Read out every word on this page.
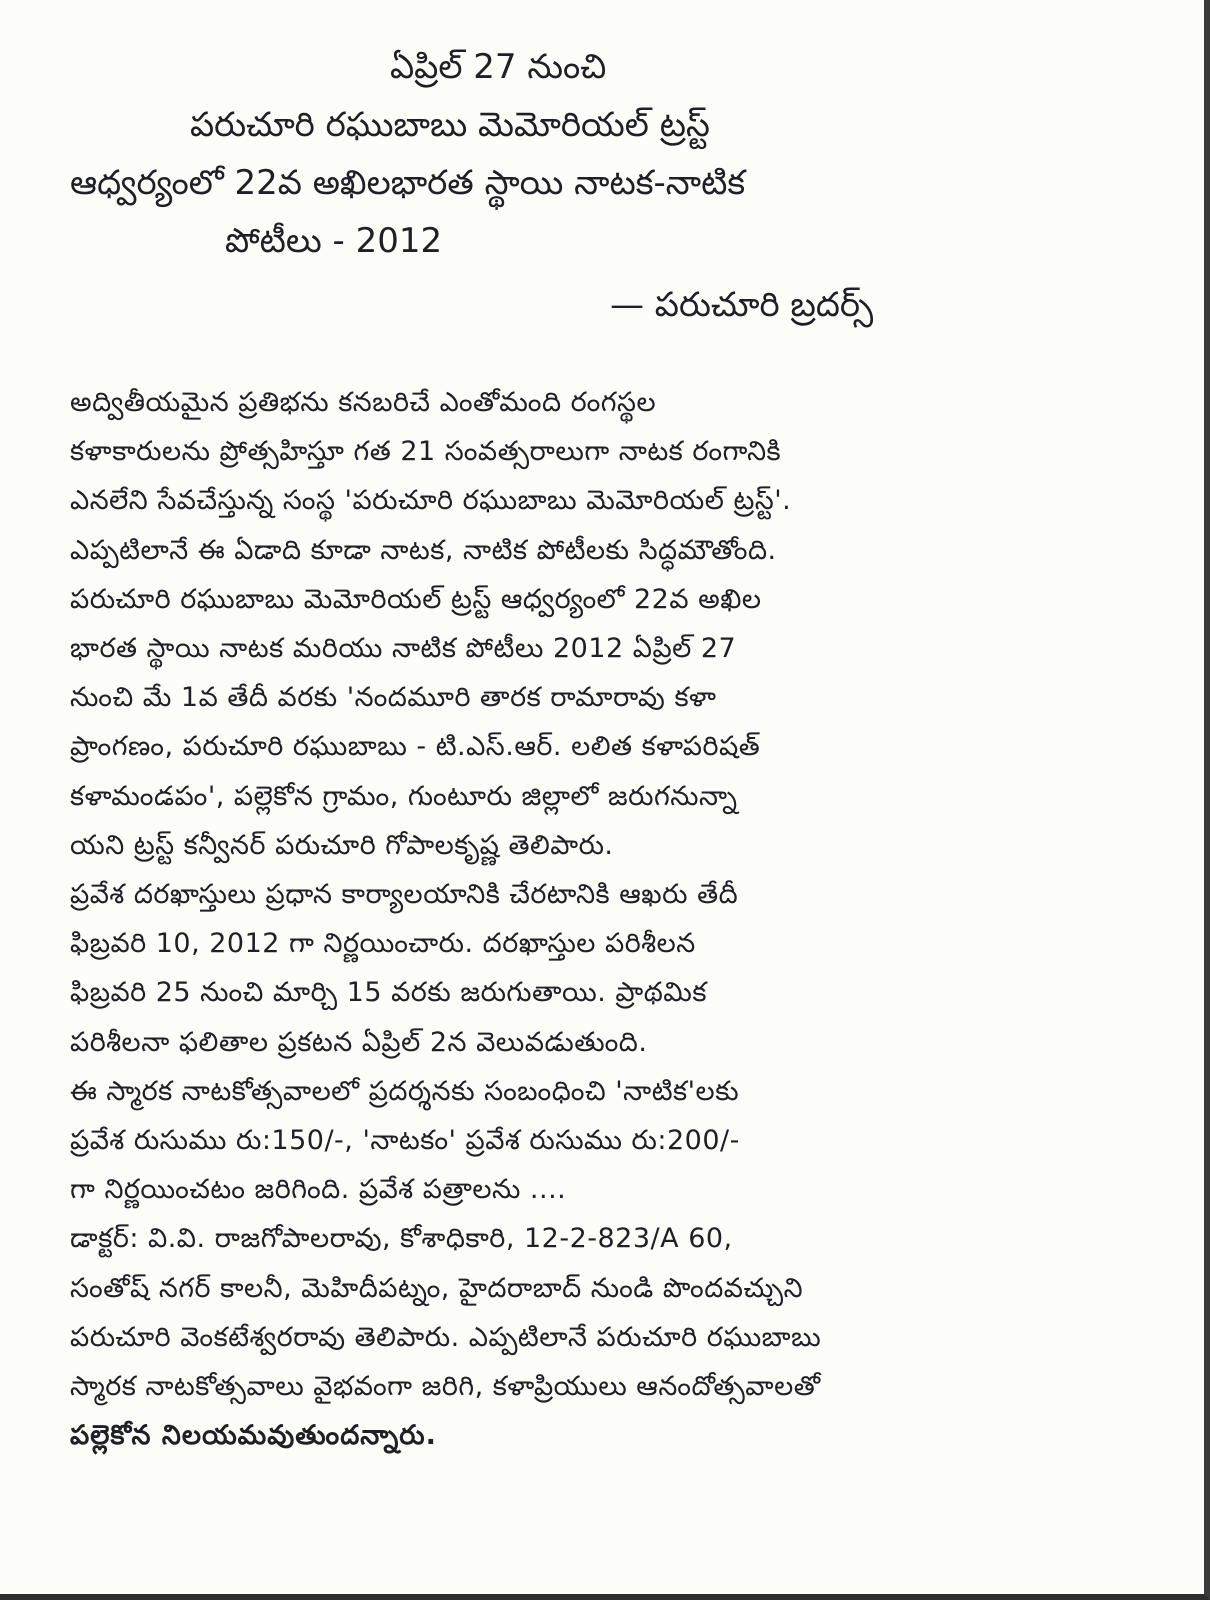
ఏప్రిల్ 27 నుంచి
పరుచూరి రఘుబాబు మెమోరియల్ ట్రస్ట్
ఆధ్వర్యంలో 22వ అఖిలభారత స్థాయి నాటక-నాటిక
పోటీలు - 2012
— పరుచూరి బ్రదర్స్
అద్వితీయమైన ప్రతిభను కనబరిచే ఎంతోమంది రంగస్థల
కళాకారులను ప్రోత్సహిస్తూ గత 21 సంవత్సరాలుగా నాటక రంగానికి
ఎనలేని సేవచేస్తున్న సంస్థ 'పరుచూరి రఘుబాబు మెమోరియల్ ట్రస్ట్'.
ఎప్పటిలానే ఈ ఏడాది కూడా నాటక, నాటిక పోటీలకు సిద్ధమౌతోంది.
పరుచూరి రఘుబాబు మెమోరియల్ ట్రస్ట్ ఆధ్వర్యంలో 22వ అఖిల
భారత స్థాయి నాటక మరియు నాటిక పోటీలు 2012 ఏప్రిల్ 27
నుంచి మే 1వ తేదీ వరకు 'నందమూరి తారక రామారావు కళా
ప్రాంగణం, పరుచూరి రఘుబాబు - టి.ఎస్.ఆర్. లలిత కళాపరిషత్
కళామండపం', పల్లెకోన గ్రామం, గుంటూరు జిల్లాలో జరుగనున్నా
యని ట్రస్ట్ కన్వీనర్ పరుచూరి గోపాలకృష్ణ తెలిపారు.
ప్రవేశ దరఖాస్తులు ప్రధాన కార్యాలయానికి చేరటానికి ఆఖరు తేదీ
ఫిబ్రవరి 10, 2012 గా నిర్ణయించారు. దరఖాస్తుల పరిశీలన
ఫిబ్రవరి 25 నుంచి మార్చి 15 వరకు జరుగుతాయి. ప్రాథమిక
పరిశీలనా ఫలితాల ప్రకటన ఏప్రిల్ 2న వెలువడుతుంది.
ఈ స్మారక నాటకోత్సవాలలో ప్రదర్శనకు సంబంధించి 'నాటిక'లకు
ప్రవేశ రుసుము రు:150/-, 'నాటకం' ప్రవేశ రుసుము రు:200/-
గా నిర్ణయించటం జరిగింది. ప్రవేశ పత్రాలను ....
డాక్టర్: వి.వి. రాజగోపాలరావు, కోశాధికారి, 12-2-823/A 60,
సంతోష్ నగర్ కాలనీ, మెహిదీపట్నం, హైదరాబాద్ నుండి పొందవచ్చుని
పరుచూరి వెంకటేశ్వరరావు తెలిపారు. ఎప్పటిలానే పరుచూరి రఘుబాబు
స్మారక నాటకోత్సవాలు వైభవంగా జరిగి, కళాప్రియులు ఆనందోత్సవాలతో
పల్లెకోన నిలయమవుతుందన్నారు.
